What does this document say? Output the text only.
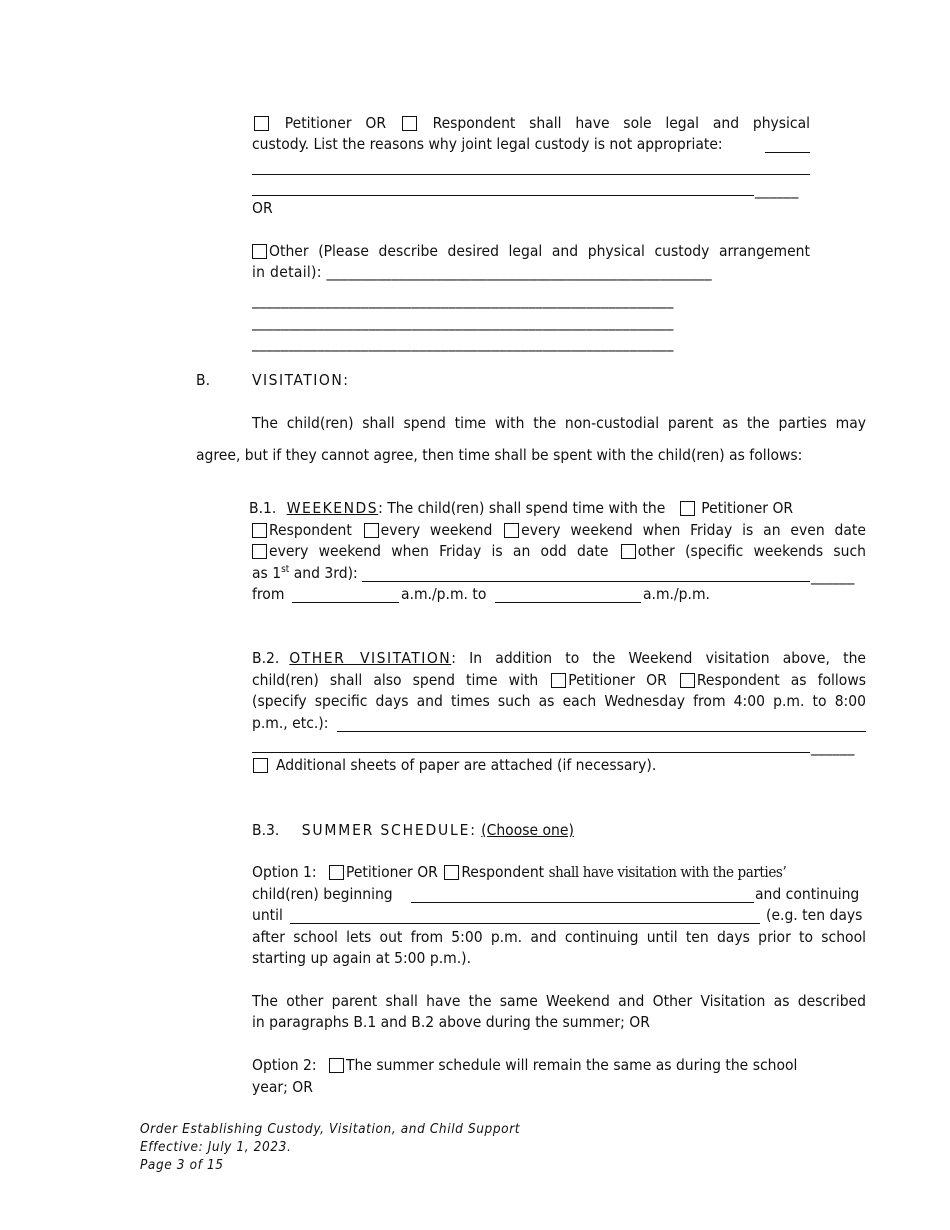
Petitioner OR	Respondent shall have sole legal and physical
custody. List the reasons why joint legal custody is not appropriate:
______
OR
Other (Please describe desired legal and physical custody arrangement
in detail): _____________________________________________________
__________________________________________________________
__________________________________________________________
__________________________________________________________
B.	VISITATION:
The child(ren) shall spend time with the non-custodial parent as the parties may
agree, but if they cannot agree, then time shall be spent with the child(ren) as follows:
B.1. WEEKENDS: The child(ren) shall spend time with the Petitioner OR
Respondent every weekend every weekend when Friday is an even date
every weekend when Friday is an odd date other (specific weekends such
as 1st and 3rd):	______
from	a.m./p.m. to	a.m./p.m.
B.2. OTHER VISITATION: In addition to the Weekend visitation above, the
child(ren) shall also spend time with Petitioner OR Respondent as follows
(specify specific days and times such as each Wednesday from 4:00 p.m. to 8:00
p.m., etc.):
______
Additional sheets of paper are attached (if necessary).
B.3. SUMMER SCHEDULE: (Choose one)
Option 1: Petitioner OR Respondent shall have visitation with the parties’
child(ren) beginning	and continuing
until	(e.g. ten days
after school lets out from 5:00 p.m. and continuing until ten days prior to school
starting up again at 5:00 p.m.).
The other parent shall have the same Weekend and Other Visitation as described
in paragraphs B.1 and B.2 above during the summer; OR
Option 2: The summer schedule will remain the same as during the school
year; OR
Order Establishing Custody, Visitation, and Child Support
Effective: July 1, 2023.
Page 3 of 15
